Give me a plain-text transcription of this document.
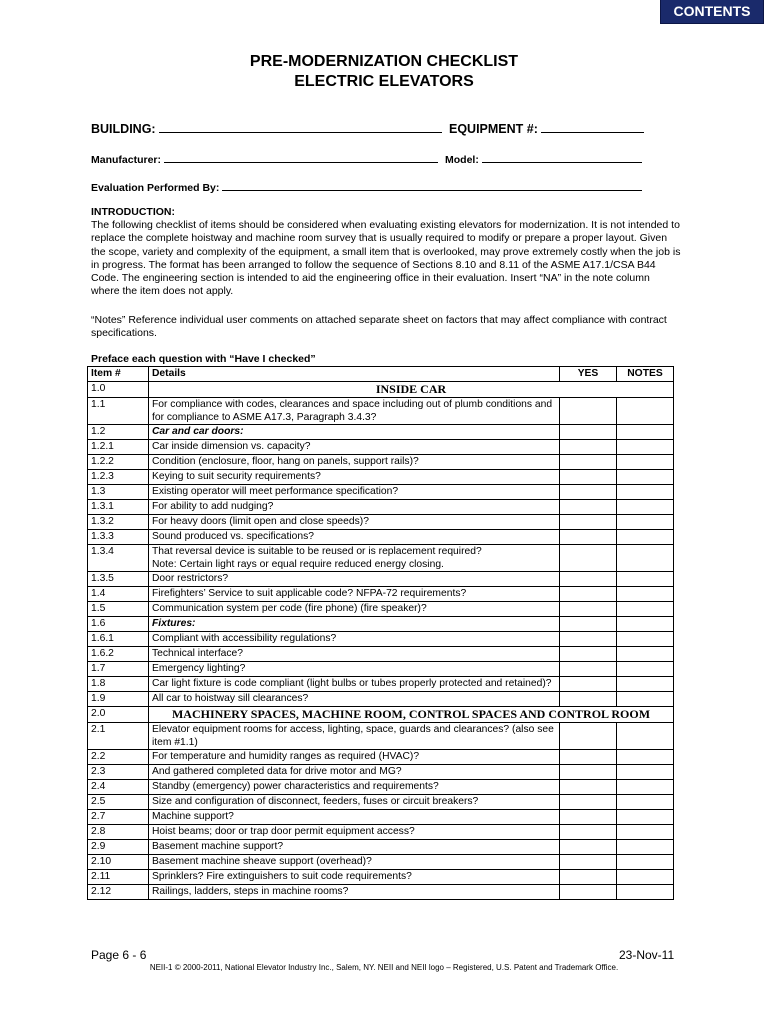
CONTENTS
PRE-MODERNIZATION CHECKLIST
ELECTRIC ELEVATORS
BUILDING:	EQUIPMENT #:
Manufacturer:	Model:
Evaluation Performed By:
INTRODUCTION:
The following checklist of items should be considered when evaluating existing elevators for modernization. It is not intended to replace the complete hoistway and machine room survey that is usually required to modify or prepare a proper layout. Given the scope, variety and complexity of the equipment, a small item that is overlooked, may prove extremely costly when the job is in progress. The format has been arranged to follow the sequence of Sections 8.10 and 8.11 of the ASME A17.1/CSA B44 Code. The engineering section is intended to aid the engineering office in their evaluation. Insert “NA” in the note column where the item does not apply.
“Notes” Reference individual user comments on attached separate sheet on factors that may affect compliance with contract specifications.
Preface each question with “Have I checked”
Item #	Details	YES	NOTES
1.0	INSIDE CAR		
1.1	For compliance with codes, clearances and space including out of plumb conditions and for compliance to ASME A17.3, Paragraph 3.4.3?		
1.2	Car and car doors:		
1.2.1	Car inside dimension vs. capacity?		
1.2.2	Condition (enclosure, floor, hang on panels, support rails)?		
1.2.3	Keying to suit security requirements?		
1.3	Existing operator will meet performance specification?		
1.3.1	For ability to add nudging?		
1.3.2	For heavy doors (limit open and close speeds)?		
1.3.3	Sound produced vs. specifications?		
1.3.4	That reversal device is suitable to be reused or is replacement required?
Note: Certain light rays or equal require reduced energy closing.		
1.3.5	Door restrictors?		
1.4	Firefighters’ Service to suit applicable code? NFPA-72 requirements?		
1.5	Communication system per code (fire phone) (fire speaker)?		
1.6	Fixtures:		
1.6.1	Compliant with accessibility regulations?		
1.6.2	Technical interface?		
1.7	Emergency lighting?		
1.8	Car light fixture is code compliant (light bulbs or tubes properly protected and retained)?		
1.9	All car to hoistway sill clearances?		
2.0	MACHINERY SPACES, MACHINE ROOM, CONTROL SPACES AND CONTROL ROOM		
2.1	Elevator equipment rooms for access, lighting, space, guards and clearances? (also see item #1.1)		
2.2	For temperature and humidity ranges as required (HVAC)?		
2.3	And gathered completed data for drive motor and MG?		
2.4	Standby (emergency) power characteristics and requirements?		
2.5	Size and configuration of disconnect, feeders, fuses or circuit breakers?		
2.7	Machine support?		
2.8	Hoist beams; door or trap door permit equipment access?		
2.9	Basement machine support?		
2.10	Basement machine sheave support (overhead)?		
2.11	Sprinklers? Fire extinguishers to suit code requirements?		
2.12	Railings, ladders, steps in machine rooms?		
Page 6 - 6	23-Nov-11
NEII-1 © 2000-2011, National Elevator Industry Inc., Salem, NY. NEII and NEII logo – Registered, U.S. Patent and Trademark Office.
